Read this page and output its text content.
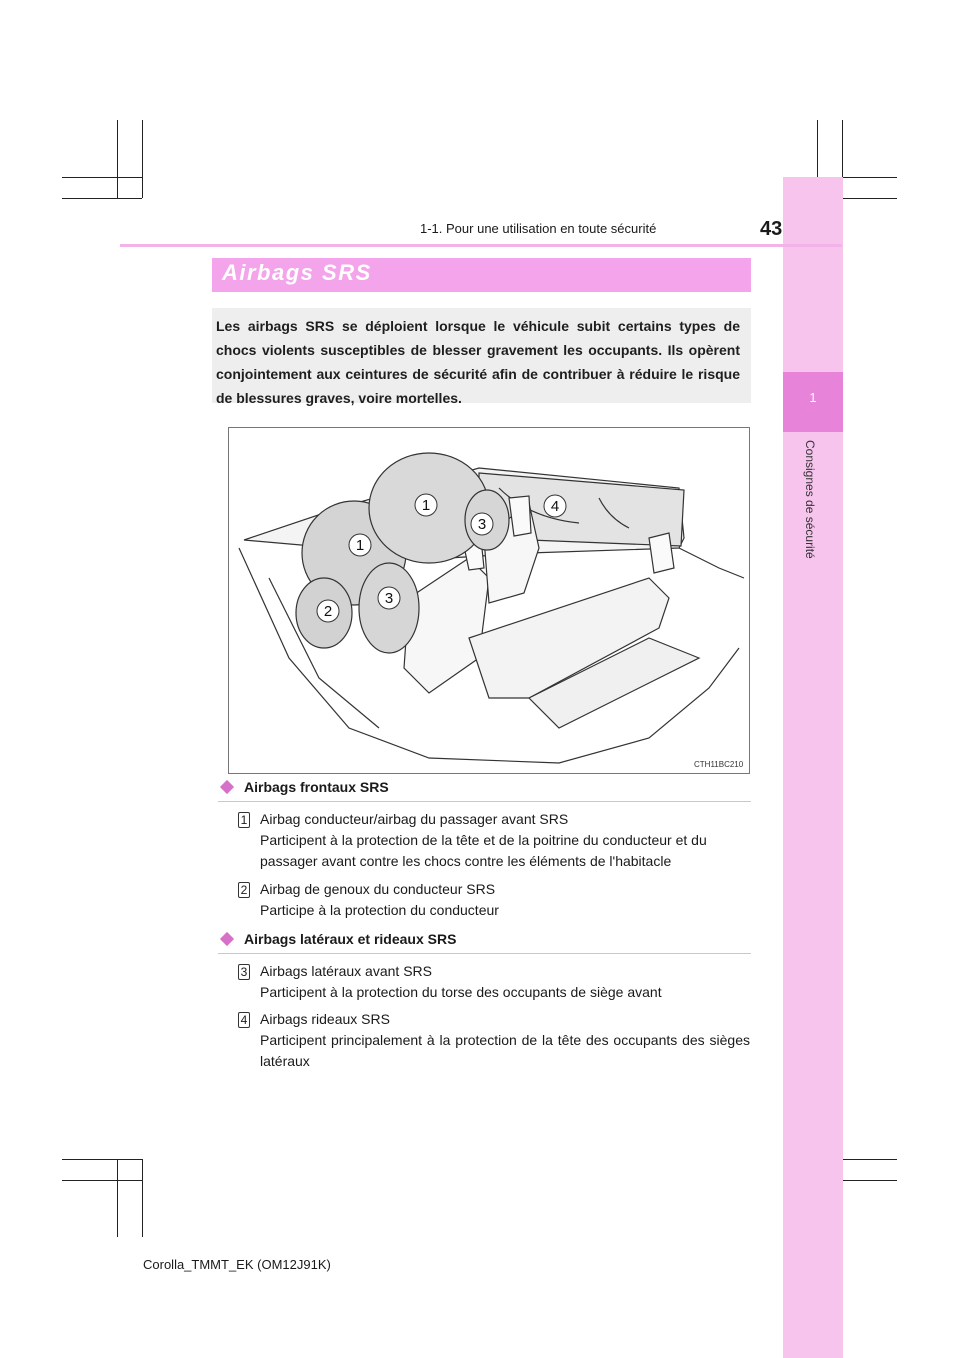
1
Consignes de sécurité
1-1. Pour une utilisation en toute sécurité	43
Airbags SRS
Les airbags SRS se déploient lorsque le véhicule subit certains types de chocs violents susceptibles de blesser gravement les occupants. Ils opèrent conjointement aux ceintures de sécurité afin de contribuer à réduire le risque de blessures graves, voire mortelles.
1
1
2
3
3
4
CTH11BC210
Airbags frontaux SRS
1 Airbag conducteur/airbag du passager avant SRS
Participent à la protection de la tête et de la poitrine du conducteur et du passager avant contre les chocs contre les éléments de l'habitacle
2 Airbag de genoux du conducteur SRS
Participe à la protection du conducteur
Airbags latéraux et rideaux SRS
3 Airbags latéraux avant SRS
Participent à la protection du torse des occupants de siège avant
4 Airbags rideaux SRS
Participent principalement à la protection de la tête des occupants des sièges latéraux
Corolla_TMMT_EK (OM12J91K)
